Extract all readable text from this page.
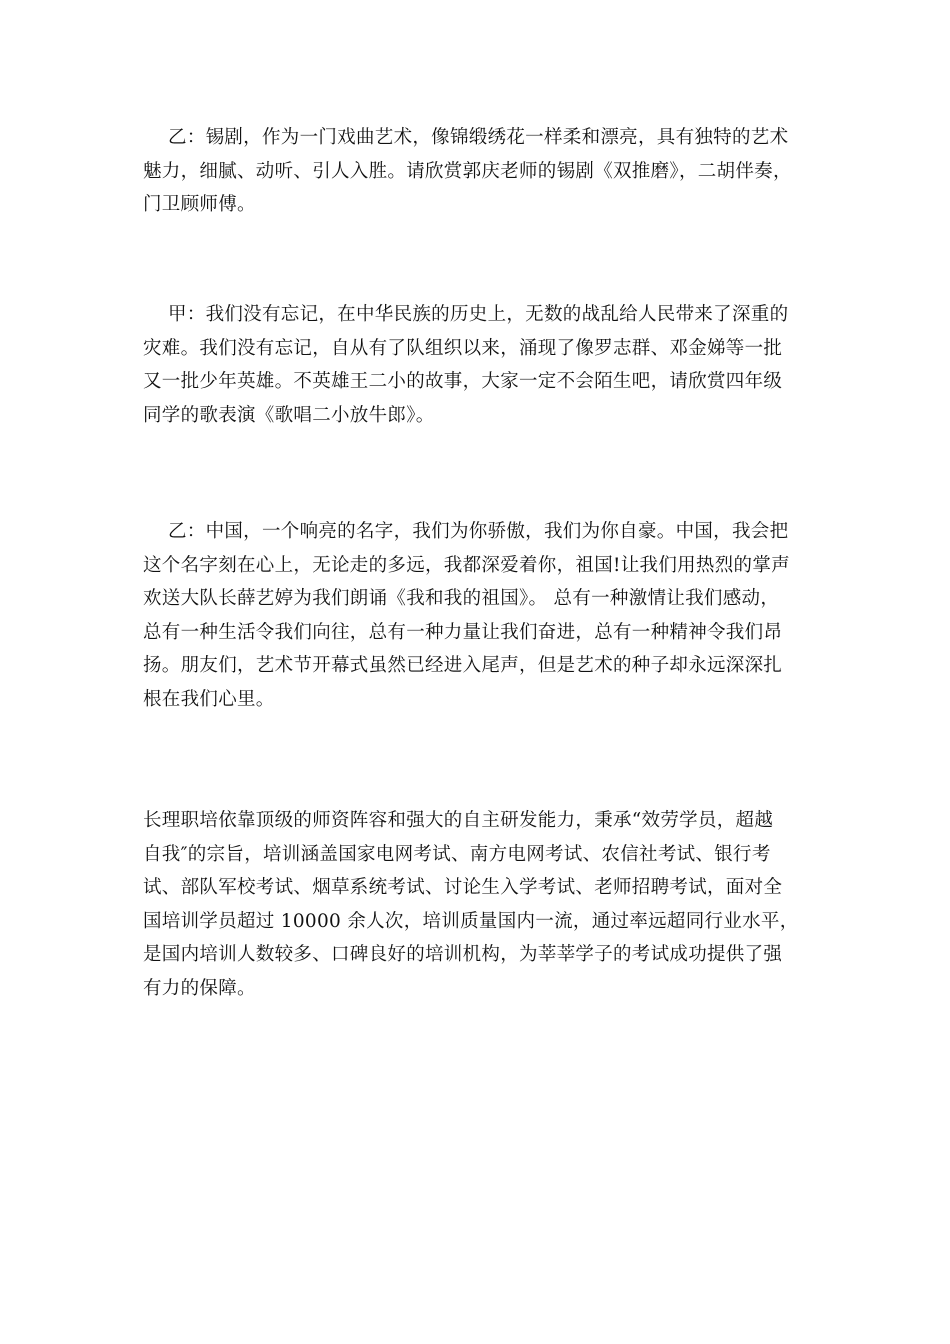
　 乙：锡剧，作为一门戏曲艺术，像锦缎绣花一样柔和漂亮，具有独特的艺术
魅力，细腻、动听、引人入胜。请欣赏郭庆老师的锡剧《双推磨》，二胡伴奏，
门卫顾师傅。

　 甲：我们没有忘记，在中华民族的历史上，无数的战乱给人民带来了深重的
灾难。我们没有忘记，自从有了队组织以来，涌现了像罗志群、邓金娣等一批
又一批少年英雄。不英雄王二小的故事，大家一定不会陌生吧，请欣赏四年级
同学的歌表演《歌唱二小放牛郎》。

　 乙：中国，一个响亮的名字，我们为你骄傲，我们为你自豪。中国，我会把
这个名字刻在心上，无论走的多远，我都深爱着你，祖国!让我们用热烈的掌声
欢送大队长薛艺婷为我们朗诵《我和我的祖国》。 总有一种激情让我们感动，
总有一种生活令我们向往，总有一种力量让我们奋进，总有一种精神令我们昂
扬。朋友们，艺术节开幕式虽然已经进入尾声，但是艺术的种子却永远深深扎
根在我们心里。

长理职培依靠顶级的师资阵容和强大的自主研发能力，秉承“效劳学员，超越
自我″的宗旨，培训涵盖国家电网考试、南方电网考试、农信社考试、银行考
试、部队军校考试、烟草系统考试、讨论生入学考试、老师招聘考试，面对全
国培训学员超过 10000 余人次，培训质量国内一流，通过率远超同行业水平，
是国内培训人数较多、口碑良好的培训机构，为莘莘学子的考试成功提供了强
有力的保障。
